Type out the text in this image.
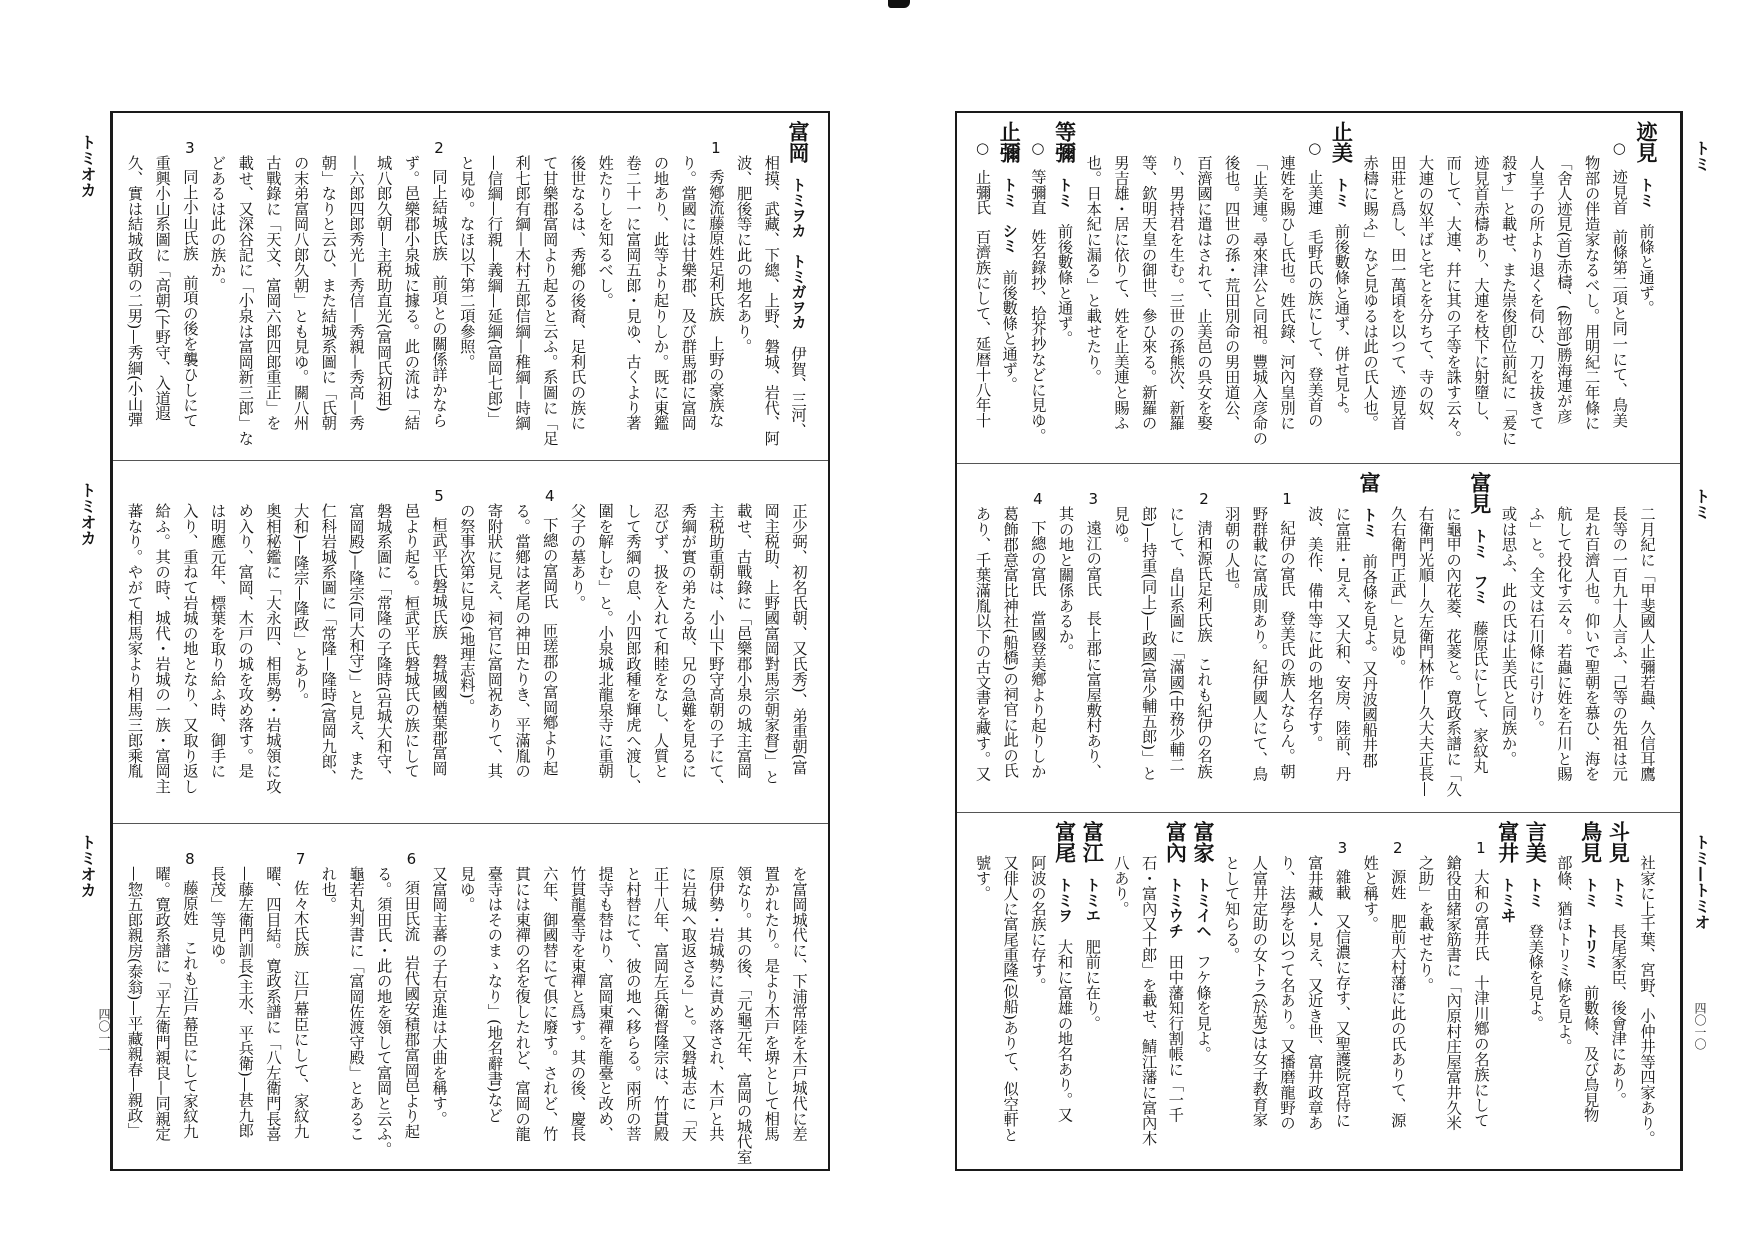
トミオカ
トミオカ
トミオカ
四〇一一
富岡トミヲカ　トミガヲカ伊賀、三河、
相摸、武藏、下總、上野、磐城、岩代、阿
波、肥後等に此の地名あり。
1秀鄕流藤原姓足利氏族上野の豪族な
り。當國には甘樂郡、及び群馬郡に富岡
の地あり、此等より起りしか。既に東鑑
卷二十一に富岡五郎・見ゆ、古くより著
姓たりしを知るべし。
後世なるは、秀鄕の後裔、足利氏の族に
て甘樂郡富岡より起ると云ふ。系圖に「足
利七郎有綱—木村五郎信綱—稚綱—時綱
—信綱—行親—義綱—延綱(富岡七郎)」
と見ゆ。なほ以下第二項參照。
2同上結城氏族前項との關係詳かなら
ず。邑樂郡小泉城に據る。此の流は「結
城八郎久朝—主税助直光(富岡氏初祖)
—六郎四郎秀光—秀信—秀親—秀高—秀
朝」なりと云ひ、また結城系圖に「氏朝
の末弟富岡八郎久朝」とも見ゆ。關八州
古戰錄に「天文、富岡六郎四郎重正」を
載せ、又深谷記に「小泉は富岡新三郎」な
どあるは此の族か。
3同上小山氏族前項の後を襲ひしにて
重興小山系圖に「高朝(下野守、入道遐
久、實は結城政朝の二男)—秀綱(小山彈
正少弼、初名氏朝、又氏秀)、弟重朝(富
岡主税助、上野國富岡對馬宗朝家督)」と
載せ、古戰錄に「邑樂郡小泉の城主富岡
主税助重朝は、小山下野守高朝の子にて、
秀綱が實の弟たる故、兄の急難を見るに
忍びず、扱を入れて和睦をなし、人質と
して秀綱の息、小四郎政種を輝虎へ渡し、
圍を解しむ」と。小泉城北龍泉寺に重朝
父子の墓あり。
4下總の富岡氏匝瑳郡の富岡鄕より起
る。當鄕は老尾の神田たりき、平滿胤の
寄附狀に見え、祠官に富岡祝ありて、其
の祭事次第に見ゆ(地理志料)。
5桓武平氏磐城氏族磐城國楢葉郡富岡
邑より起る。桓武平氏磐城氏の族にして
磐城系圖に「常隆の子隆時(岩城大和守、
富岡殿)—隆宗(同大和守)」と見え、また
仁科岩城系圖に「常隆—隆時(富岡九郎、
大和)—隆宗—隆政」とあり。
奥相秘鑑に「大永四、相馬勢・岩城領に攻
め入り、富岡、木戸の城を攻め落す。是
は明應元年、標葉を取り給ふ時、御手に
入り、重ねて岩城の地となり、又取り返し
給ふ。其の時、城代・岩城の一族・富岡主
蕃なり。やがて相馬家より相馬三郎乘胤
を富岡城代に、下浦常陸を木戸城代に差
置かれたり。是より木戸を堺として相馬
領なり。其の後、「元龜元年、富岡の城代室
原伊勢・岩城勢に責め落され、木戸と共
に岩城へ取返さる」と。又磐城志に「天
正十八年、富岡左兵衛督隆宗は、竹貫殿
と村替にて、彼の地へ移らる。兩所の菩
提寺も替はり、富岡東禪を龍臺と改め、
竹貫龍臺寺を東禪と爲す。其の後、慶長
六年、御國替にて俱に廢す。されど、竹
貫には東禪の名を復したれど、富岡の龍
臺寺はそのまゝなり」(地名辭書)など
見ゆ。
又富岡主蕃の子右京進は大曲を稱す。
6須田氏流岩代國安積郡富岡邑より起
る。須田氏・此の地を領して富岡と云ふ。
龜若丸判書に「富岡佐渡守殿」とあるこ
れ也。
7佐々木氏族江戸幕臣にして、家紋九
曜、四目結。寛政系譜に「八左衛門長喜
—藤左衛門訓長(主水、平兵衛)—甚九郎
長茂」等見ゆ。
8藤原姓これも江戸幕臣にして家紋九
曜。寛政系譜に「平左衛門親良—同親定
—惣五郎親房(泰翁)—平藏親春—親政」
トミ
トミ
トミ—トミオ
四〇一〇
迹見トミ前條と通ず。
○迹見首前條第二項と同一にて、鳥美
物部の伴造家なるべし。用明紀二年條に
「舍人迹見(首)赤檮、(物部)勝海連が彦
人皇子の所より退くを伺ひ、刀を拔きて
殺す」と載せ、また崇俊卽位前紀に「爰に
迹見首赤檮あり、大連を枝下に射墮し、
而して、大連、幷に其の子等を誅す云々。
大連の奴半ばと宅とを分ちて、寺の奴、
田莊と爲し、田一萬頃を以つて、迹見首
赤檮に賜ふ」など見ゆるは此の氏人也。
止美トミ前後數條と通ず、併せ見よ。
○止美連毛野氏の族にして、登美首の
連姓を賜ひし氏也。姓氏錄、河內皇別に
「止美連。尋來津公と同祖。豐城入彦命の
後也。四世の孫・荒田別命の男田道公、
百濟國に遣はされて、止美邑の呉女を娶
り、男持君を生む。三世の孫熊次、新羅
等、欽明天皇の御世、參ひ來る。新羅の
男吉雄・居に依りて、姓を止美連と賜ふ
也。日本紀に漏る」と載せたり。
等彌トミ前後數條と通ず。
○等彌直姓名錄抄、拾芥抄などに見ゆ。
止彌トミ　シミ前後數條と通ず。
○止彌氏百濟族にして、延暦十八年十
二月紀に「甲斐國人止彌若蟲、久信耳鷹
長等の一百九十人言ふ、己等の先祖は元
是れ百濟人也。仰いで聖朝を慕ひ、海を
航して投化す云々。若蟲に姓を石川と賜
ふ」と。全文は石川條に引けり。
或は思ふ、此の氏は止美氏と同族か。
富見トミ　フミ藤原氏にして、家紋丸
に龜甲の內花菱、花菱と。寛政系譜に「久
右衛門光順—久左衛門林作—久大夫正長—
久右衛門正武」と見ゆ。
富トミ前各條を見よ。又丹波國船井郡
に富莊・見え、又大和、安房、陸前、丹
波、美作、備中等に此の地名存す。
1紀伊の富氏登美氏の族人ならん。朝
野群載に富成則あり。紀伊國人にて、鳥
羽朝の人也。
2淸和源氏足利氏族これも紀伊の名族
にして、畠山系圖に「滿國(中務少輔二
郎)—持重(同上)—政國(富少輔五郎)」と
見ゆ。
3遠江の富氏長上郡に富屋敷村あり、
其の地と關係あるか。
4下總の富氏當國登美鄕より起りしか
葛飾郡意富比神社(船橋)の祠官に此の氏
あり、千葉滿胤以下の古文書を藏す。又
社家に上千葉、宮野、小仲井等四家あり。
斗見トミ長尾家臣、後會津にあり。
鳥見トミ　トリミ前數條、及び鳥見物
部條、猶ほトリミ條を見よ。
言美トミ登美條を見よ。
富井トミヰ
1大和の富井氏十津川鄕の名族にして
鎗役由緒家筋書に「內原村庄屋富井久米
之助」を載せたり。
2源姓肥前大村藩に此の氏ありて、源
姓と稱す。
3雜載又信濃に存す、又聖護院宮侍に
富井藏人・見え、又近き世、富井政章あ
り、法學を以つて名あり。又播磨龍野の
人富井定助の女トラ(於莵)は女子教育家
として知らる。
富家トミイヘフケ條を見よ。
富內トミウチ田中藩知行割帳に「一千
石・富內又十郎」を載せ、鯖江藩に富內木
八あり。
富江トミエ肥前に在り。
富尾トミヲ大和に富雄の地名あり。又
阿波の名族に存す。
又俳人に富尾重隆(似船)ありて、似空軒と
號す。
